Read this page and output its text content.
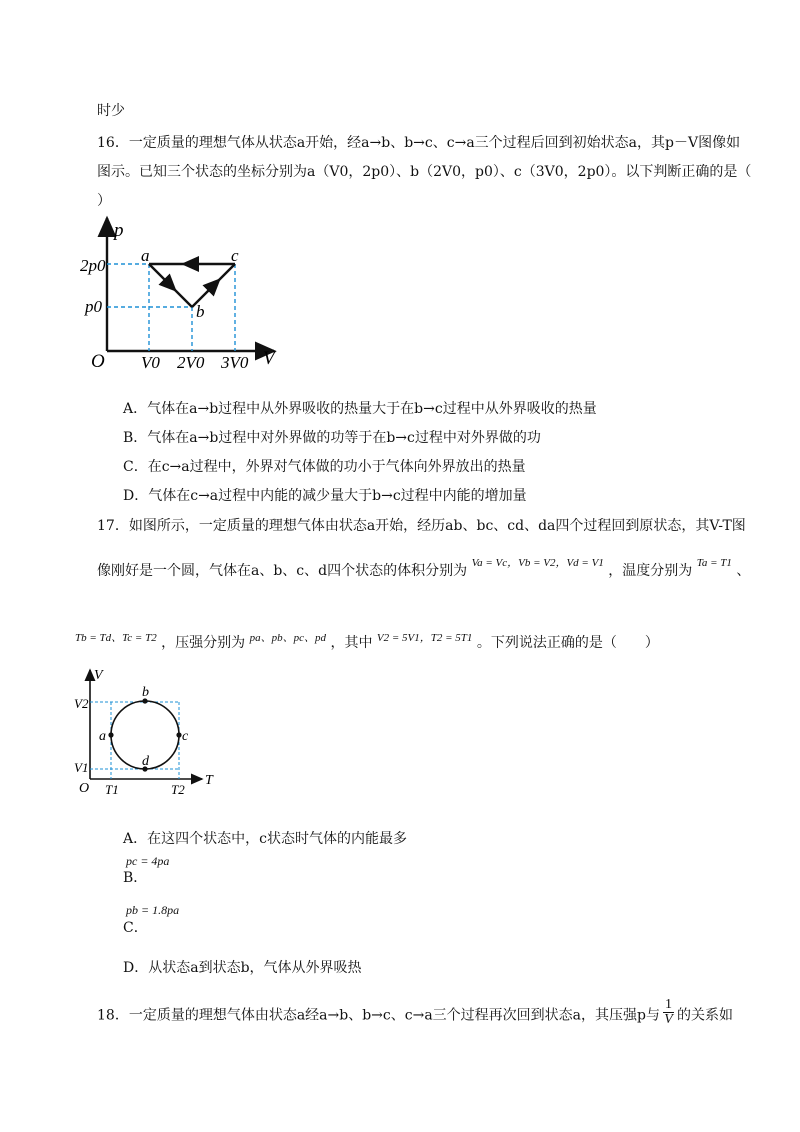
时少
16．一定质量的理想气体从状态a开始，经a→b、b→c、c→a三个过程后回到初始状态a，其p－V图像如
图示。已知三个状态的坐标分别为a（V0，2p0）、b（2V0，p0）、c（3V0，2p0）。以下判断正确的是（
）
p
V
O
2p0
p0
V0 2V0 3V0
a
b
c
A．气体在a→b过程中从外界吸收的热量大于在b→c过程中从外界吸收的热量
B．气体在a→b过程中对外界做的功等于在b→c过程中对外界做的功
C．在c→a过程中，外界对气体做的功小于气体向外界放出的热量
D．气体在c→a过程中内能的减少量大于b→c过程中内能的增加量
17．如图所示，一定质量的理想气体由状态a开始，经历ab、bc、cd、da四个过程回到原状态，其V-T图
像刚好是一个圆，气体在a、b、c、d四个状态的体积分别为 $^{Va = Vc,Vb = V2,Vd = V1}$ ，温度分别为 $^{Ta = T1}$ 、
$^{Tb = Td、Tc = T2}$ ，压强分别为 $^{pa、pb、pc、pd}$ ，其中 $^{V2 = 5V1,T2 = 5T1}$ 。下列说法正确的是（　　）
V
T
O
V2
V1
T1	T2
a
b
c
d
A．在这四个状态中，c状态时气体的内能最多
pc = 4pa
B．
pb = 1.8pa
C．
D．从状态a到状态b，气体从外界吸热
18．一定质量的理想气体由状态a经a→b、b→c、c→a三个过程再次回到状态a，其压强p与 $\frac{1}{V}$ 的关系如
